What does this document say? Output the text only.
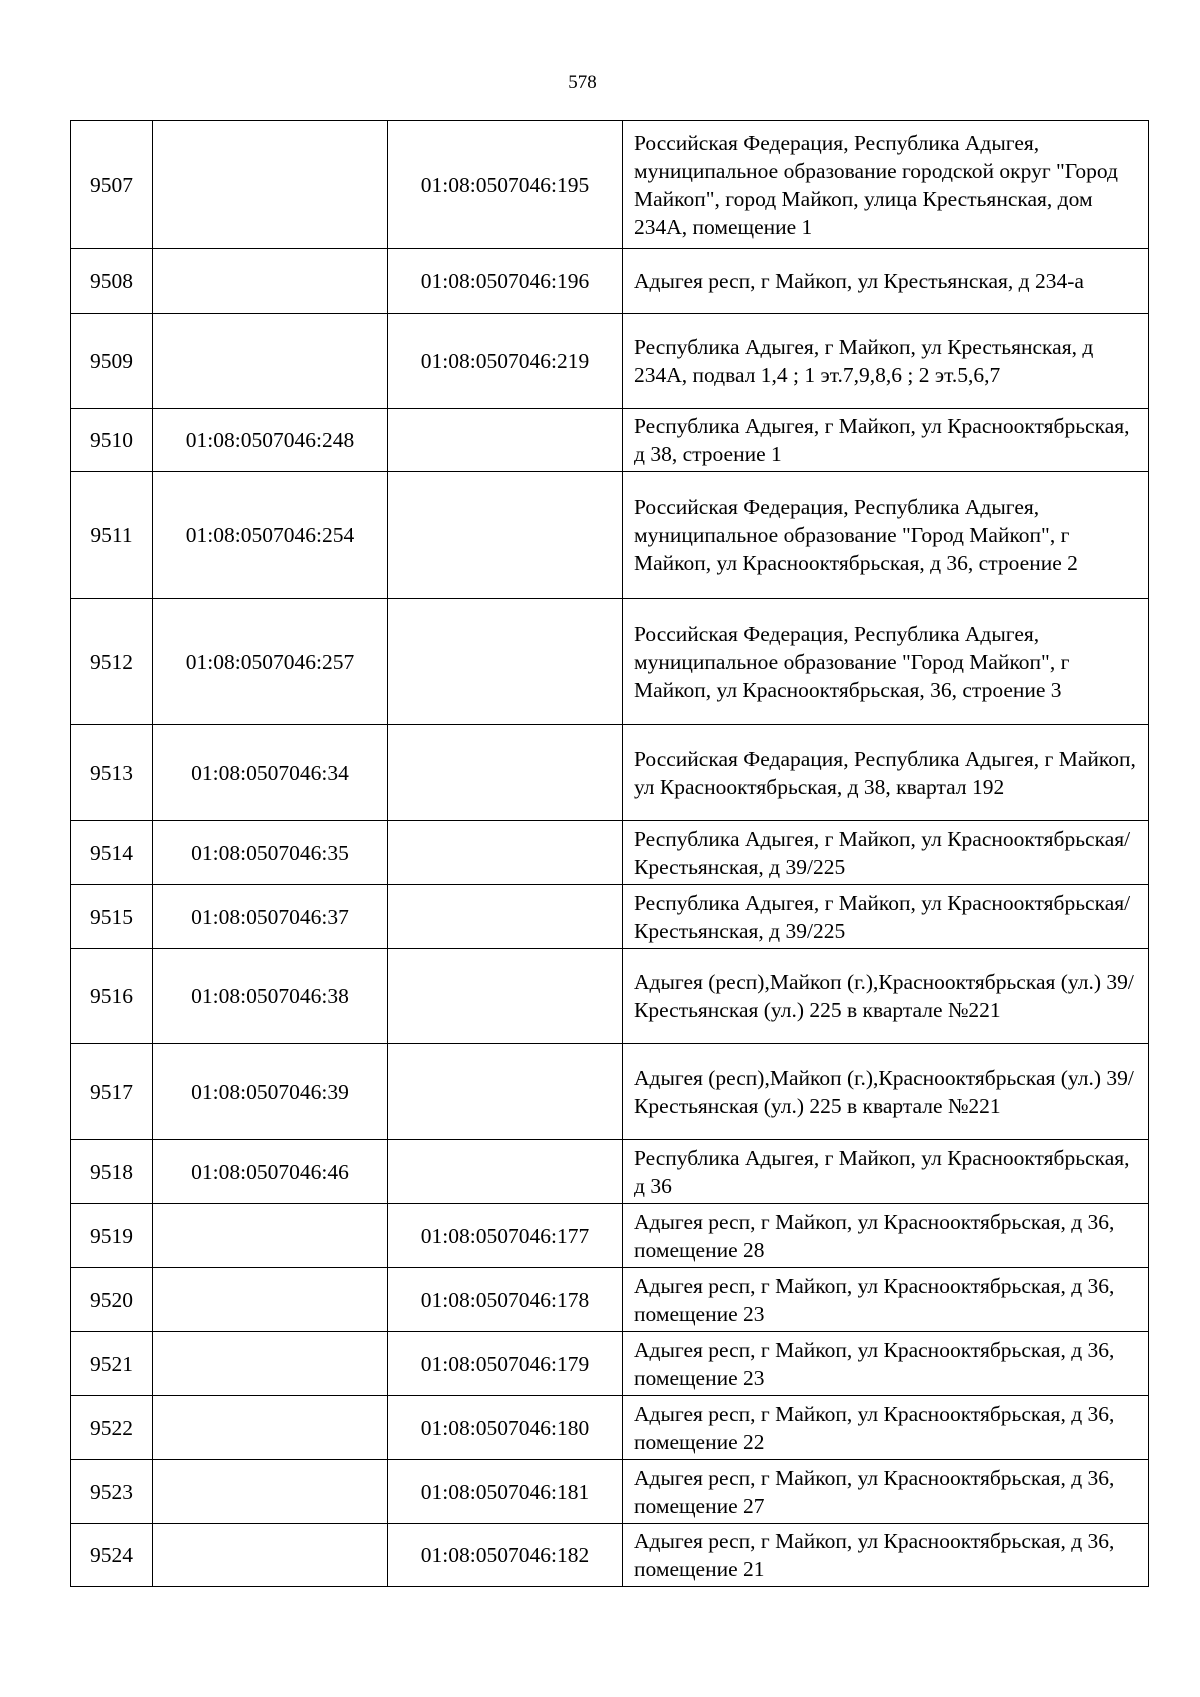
578
9507		01:08:0507046:195	Российская Федерация, Республика Адыгея, муниципальное образование городской округ "Город Майкоп", город Майкоп, улица Крестьянская, дом 234А, помещение 1
9508		01:08:0507046:196	Адыгея респ, г Майкоп, ул Крестьянская, д 234-а
9509		01:08:0507046:219	Республика Адыгея, г Майкоп, ул Крестьянская, д 234А, подвал 1,4 ; 1 эт.7,9,8,6 ; 2 эт.5,6,7
9510	01:08:0507046:248		Республика Адыгея, г Майкоп, ул Краснооктябрьская, д 38, строение 1
9511	01:08:0507046:254		Российская Федерация, Республика Адыгея, муниципальное образование "Город Майкоп", г Майкоп, ул Краснооктябрьская, д 36, строение 2
9512	01:08:0507046:257		Российская Федерация, Республика Адыгея, муниципальное образование "Город Майкоп", г Майкоп, ул Краснооктябрьская, 36, строение 3
9513	01:08:0507046:34		Российская Федарация, Республика Адыгея, г Майкоп, ул Краснооктябрьская, д 38, квартал 192
9514	01:08:0507046:35		Республика Адыгея, г Майкоп, ул Краснооктябрьская/Крестьянская, д 39/225
9515	01:08:0507046:37		Республика Адыгея, г Майкоп, ул Краснооктябрьская/Крестьянская, д 39/225
9516	01:08:0507046:38		Адыгея (респ),Майкоп (г.),Краснооктябрьская (ул.) 39/Крестьянская (ул.) 225 в квартале №221
9517	01:08:0507046:39		Адыгея (респ),Майкоп (г.),Краснооктябрьская (ул.) 39/Крестьянская (ул.) 225 в квартале №221
9518	01:08:0507046:46		Республика Адыгея, г Майкоп, ул Краснооктябрьская, д 36
9519		01:08:0507046:177	Адыгея респ, г Майкоп, ул Краснооктябрьская, д 36, помещение 28
9520		01:08:0507046:178	Адыгея респ, г Майкоп, ул Краснооктябрьская, д 36, помещение 23
9521		01:08:0507046:179	Адыгея респ, г Майкоп, ул Краснооктябрьская, д 36, помещение 23
9522		01:08:0507046:180	Адыгея респ, г Майкоп, ул Краснооктябрьская, д 36, помещение 22
9523		01:08:0507046:181	Адыгея респ, г Майкоп, ул Краснооктябрьская, д 36, помещение 27
9524		01:08:0507046:182	Адыгея респ, г Майкоп, ул Краснооктябрьская, д 36, помещение 21
